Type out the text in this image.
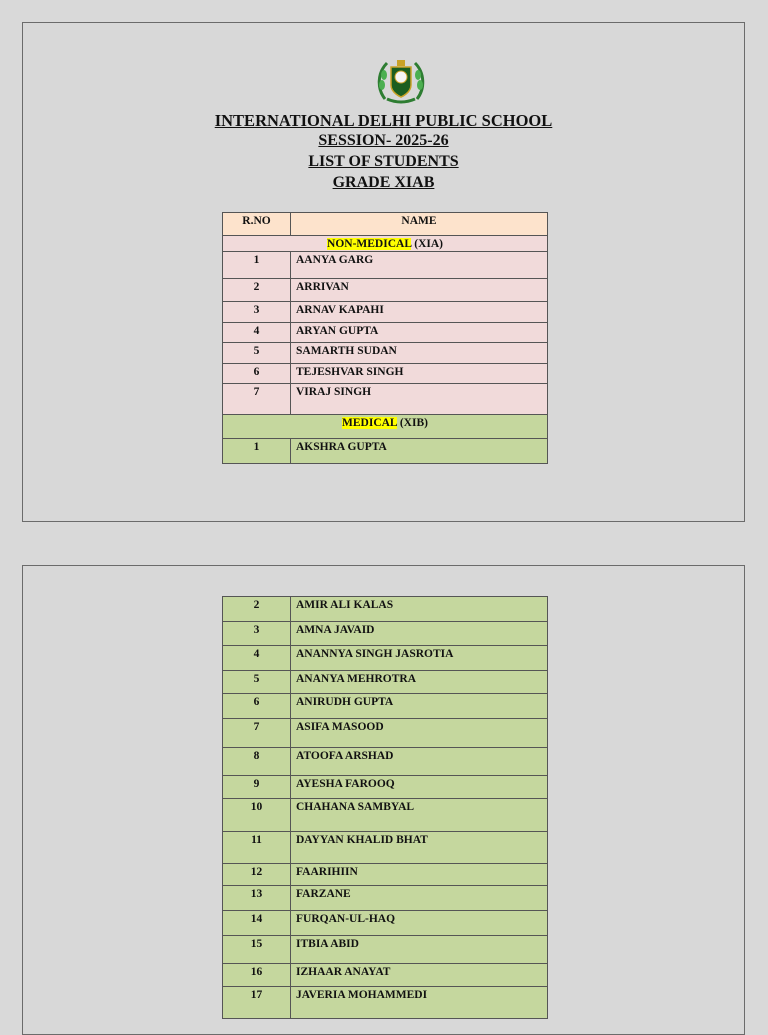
INTERNATIONAL DELHI PUBLIC SCHOOL

SESSION- 2025-26

LIST OF STUDENTS

GRADE XIAB

R.NO	NAME
NON-MEDICAL (XIA)	
1	AANYA GARG
2	ARRIVAN
3	ARNAV KAPAHI
4	ARYAN GUPTA
5	SAMARTH SUDAN
6	TEJESHVAR SINGH
7	VIRAJ SINGH
MEDICAL (XIB)	
1	AKSHRA GUPTA
2	AMIR ALI KALAS
3	AMNA JAVAID
4	ANANNYA SINGH JASROTIA
5	ANANYA MEHROTRA
6	ANIRUDH GUPTA
7	ASIFA MASOOD
8	ATOOFA ARSHAD
9	AYESHA FAROOQ
10	CHAHANA SAMBYAL
11	DAYYAN KHALID BHAT
12	FAARIHIIN
13	FARZANE
14	FURQAN-UL-HAQ
15	ITBIA ABID
16	IZHAAR ANAYAT
17	JAVERIA MOHAMMEDI
